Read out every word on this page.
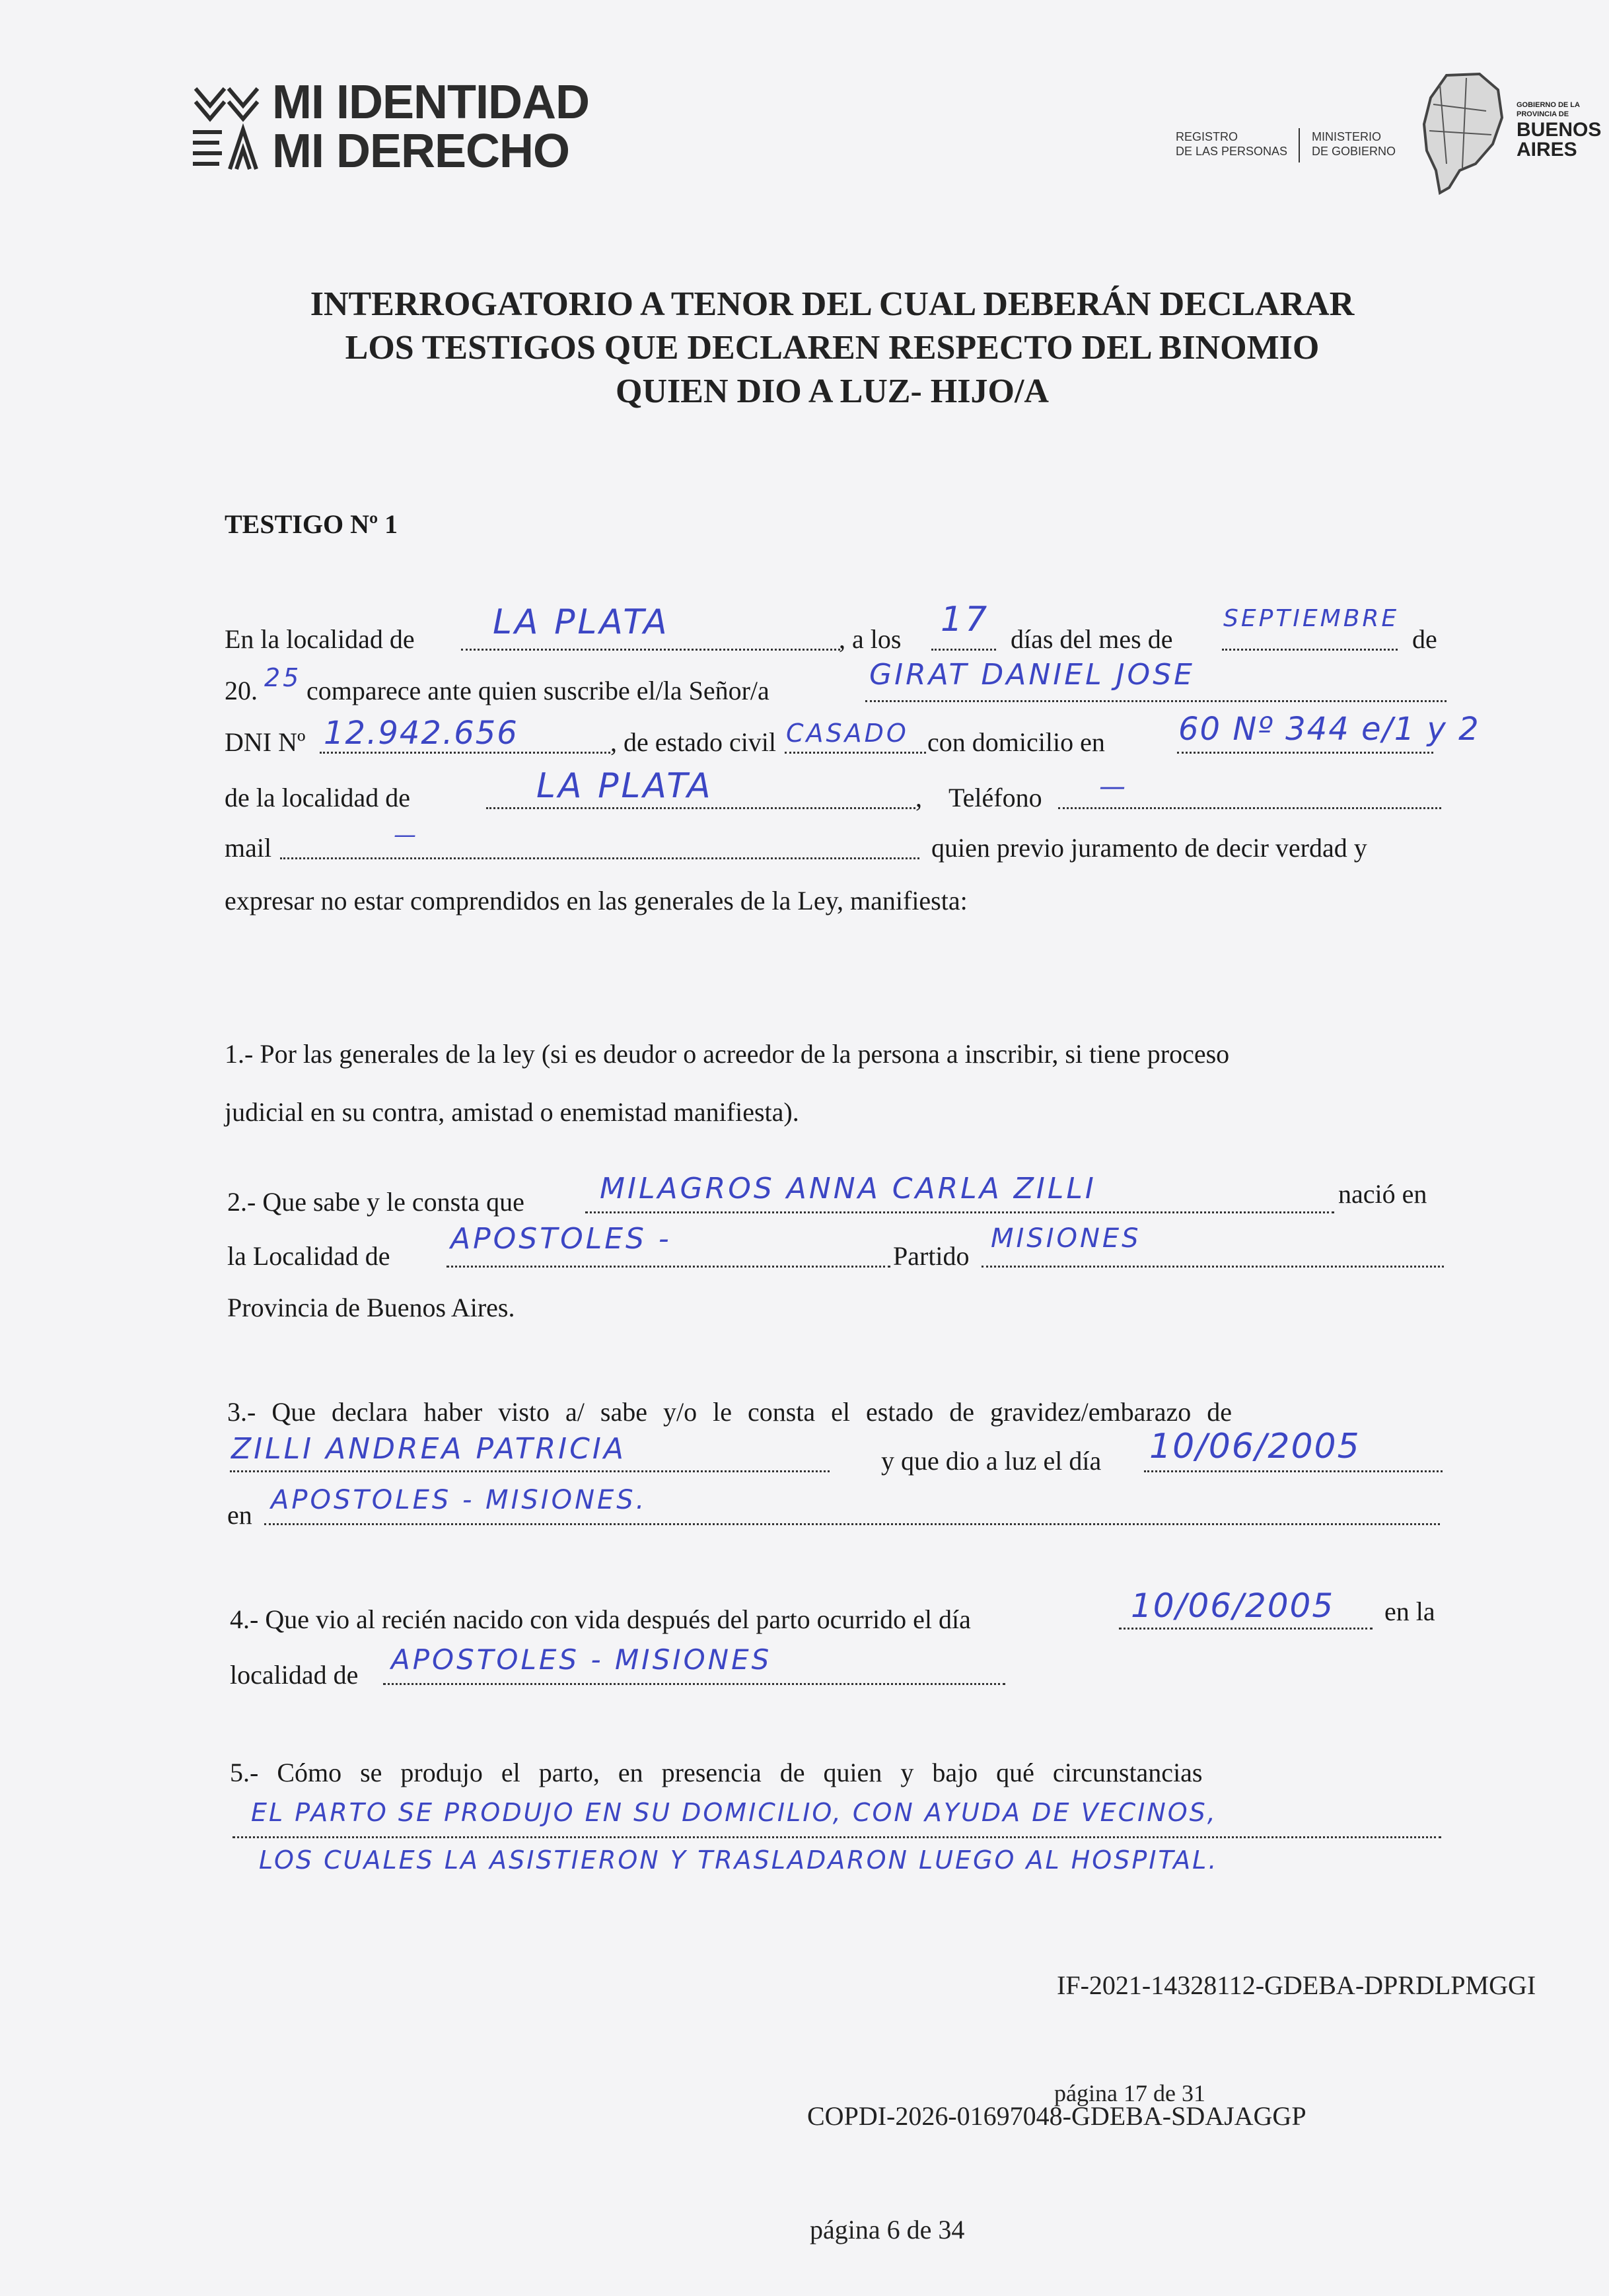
MI IDENTIDAD
MI DERECHO	REGISTRO
DE LAS PERSONAS
MINISTERIO
DE GOBIERNO
GOBIERNO DE LA
PROVINCIA DE
BUENOS
AIRES
INTERROGATORIO A TENOR DEL CUAL DEBERÁN DECLARAR
LOS TESTIGOS QUE DECLAREN RESPECTO DEL BINOMIO
QUIEN DIO A LUZ- HIJO/A
TESTIGO Nº 1
En la localidad de LA PLATA	, a los 17 días del mes de
SEPTIEMBRE
de
20. 25 comparece ante quien suscribe el/la Señor/a	GIRAT DANIEL JOSE
DNI Nº 12.942.656	, de estado civil CASADO con domicilio en 60 Nº 344 e/1 y 2
de la localidad de	LA PLATA	, Teléfono —
mail	—	quien previo juramento de decir verdad y
expresar no estar comprendidos en las generales de la Ley, manifiesta:
1.- Por las generales de la ley (si es deudor o acreedor de la persona a inscribir, si tiene proceso
judicial en su contra, amistad o enemistad manifiesta).
2.- Que sabe y le consta que	MILAGROS ANNA CARLA ZILLI	nació en
la Localidad de
APOSTOLES -
Partido
MISIONES
Provincia de Buenos Aires.
3.- Que declara haber visto a/ sabe y/o le consta el estado de gravidez/embarazo de
ZILLI ANDREA PATRICIA	y que dio a luz el día 10/06/2005
en APOSTOLES - MISIONES.
4.- Que vio al recién nacido con vida después del parto ocurrido el día	10/06/2005 en la
localidad de APOSTOLES - MISIONES
5.- Cómo se produjo el parto, en presencia de quien y bajo qué circunstancias
EL PARTO SE PRODUJO EN SU DOMICILIO, CON AYUDA DE VECINOS,
LOS CUALES LA ASISTIERON Y TRASLADARON LUEGO AL HOSPITAL.
IF-2021-14328112-GDEBA-DPRDLPMGGI
página 17 de 31
COPDI-2026-01697048-GDEBA-SDAJAGGP
página 6 de 34
